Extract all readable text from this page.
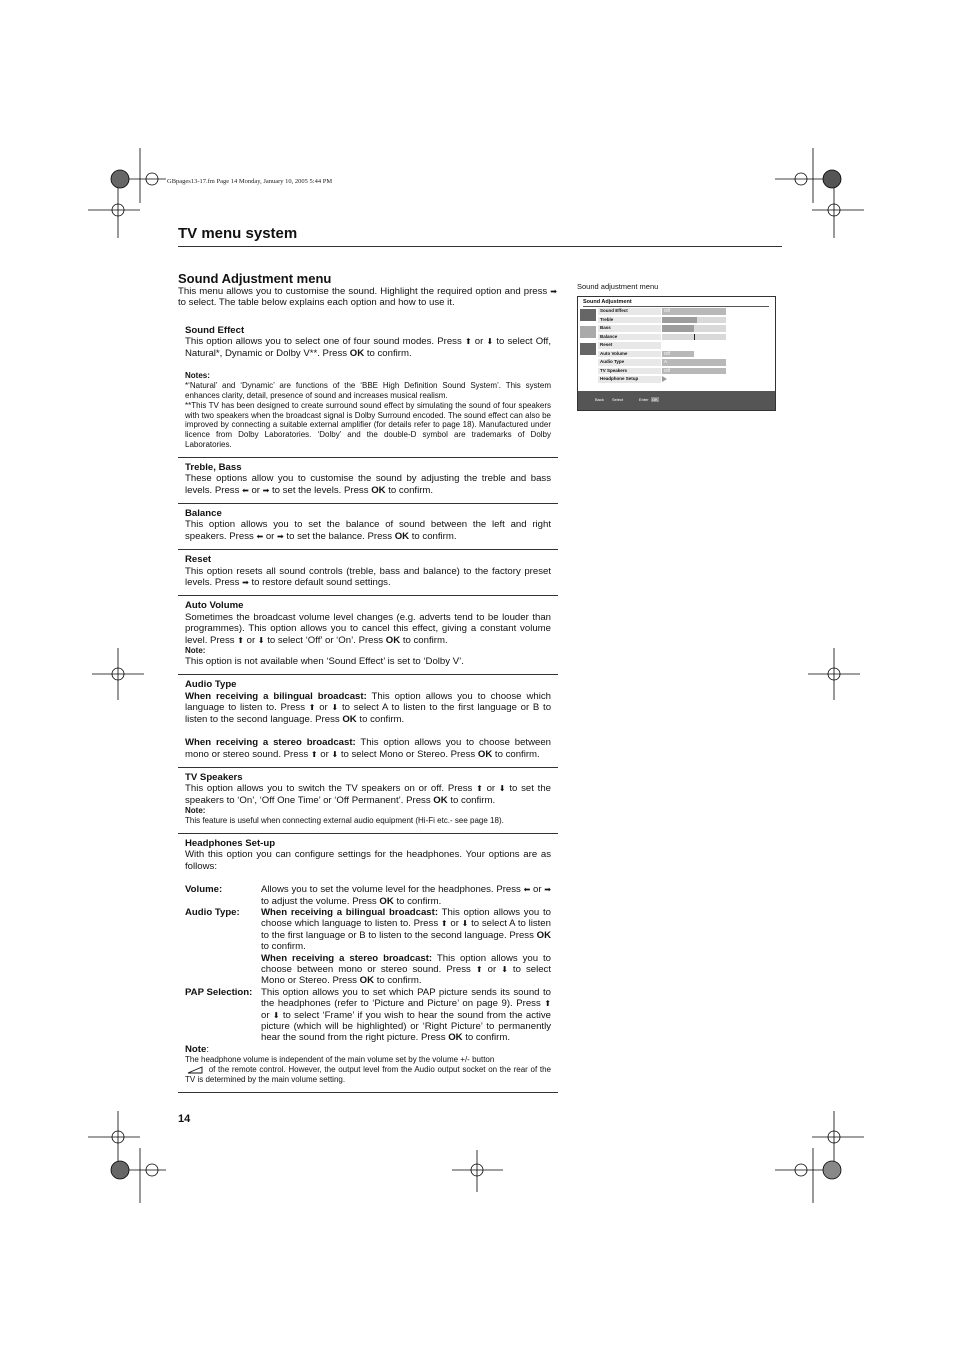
GBpages13-17.fm Page 14 Monday, January 10, 2005 5:44 PM
TV menu system
Sound Adjustment menu
This menu allows you to customise the sound. Highlight the required option and press ➡ to select. The table below explains each option and how to use it.
Sound Effect
This option allows you to select one of four sound modes. Press ⬆ or ⬇ to select Off, Natural*, Dynamic or Dolby V**. Press OK to confirm.
Notes:
*‘Natural’ and ‘Dynamic’ are functions of the ‘BBE High Definition Sound System’. This system enhances clarity, detail, presence of sound and increases musical realism.
**This TV has been designed to create surround sound effect by simulating the sound of four speakers with two speakers when the broadcast signal is Dolby Surround encoded. The sound effect can also be improved by connecting a suitable external amplifier (for details refer to page 18). Manufactured under licence from Dolby Laboratories. ‘Dolby’ and the double-D symbol are trademarks of Dolby Laboratories.
Treble, Bass
These options allow you to customise the sound by adjusting the treble and bass levels. Press ⬅ or ➡ to set the levels. Press OK to confirm.
Balance
This option allows you to set the balance of sound between the left and right speakers. Press ⬅ or ➡ to set the balance. Press OK to confirm.
Reset
This option resets all sound controls (treble, bass and balance) to the factory preset levels. Press ➡ to restore default sound settings.
Auto Volume
Sometimes the broadcast volume level changes (e.g. adverts tend to be louder than programmes). This option allows you to cancel this effect, giving a constant volume level. Press ⬆ or ⬇ to select ‘Off’ or ‘On’. Press OK to confirm.
Note:
This option is not available when ‘Sound Effect’ is set to ‘Dolby V’.
Audio Type
When receiving a bilingual broadcast: This option allows you to choose which language to listen to. Press ⬆ or ⬇ to select A to listen to the first language or B to listen to the second language. Press OK to confirm.
When receiving a stereo broadcast: This option allows you to choose between mono or stereo sound. Press ⬆ or ⬇ to select Mono or Stereo. Press OK to confirm.
TV Speakers
This option allows you to switch the TV speakers on or off. Press ⬆ or ⬇ to set the speakers to ‘On’, ‘Off One Time’ or ‘Off Permanent’. Press OK to confirm.
Note:
This feature is useful when connecting external audio equipment (Hi-Fi etc.- see page 18).
Headphones Set-up
With this option you can configure settings for the headphones. Your options are as follows:
Volume:	Allows you to set the volume level for the headphones. Press ⬅ or ➡ to adjust the volume. Press OK to confirm.
Audio Type:	When receiving a bilingual broadcast: This option allows you to choose which language to listen to. Press ⬆ or ⬇ to select A to listen to the first language or B to listen to the second language. Press OK to confirm.

When receiving a stereo broadcast: This option allows you to choose between mono or stereo sound. Press ⬆ or ⬇ to select Mono or Stereo. Press OK to confirm.

PAP Selection: This option allows you to set which PAP picture sends its sound to the headphones (refer to ‘Picture and Picture’ on page 9). Press ⬆ or ⬇ to select ‘Frame’ if you wish to hear the sound from the active picture (which will be highlighted) or ‘Right Picture’ to permanently hear the sound from the right picture. Press OK to confirm.
Note:
The headphone volume is independent of the main volume set by the volume +/- button
of the remote control. However, the output level from the Audio output socket on the rear of the TV is determined by the main volume setting.
14
Sound adjustment menu
Sound Adjustment
Sound Effect	Off
Treble
Bass
Balance
Reset
Auto Volume	Off
Audio Type	A
TV Speakers	Off
Headphone Setup
Back Select	Enter OK
